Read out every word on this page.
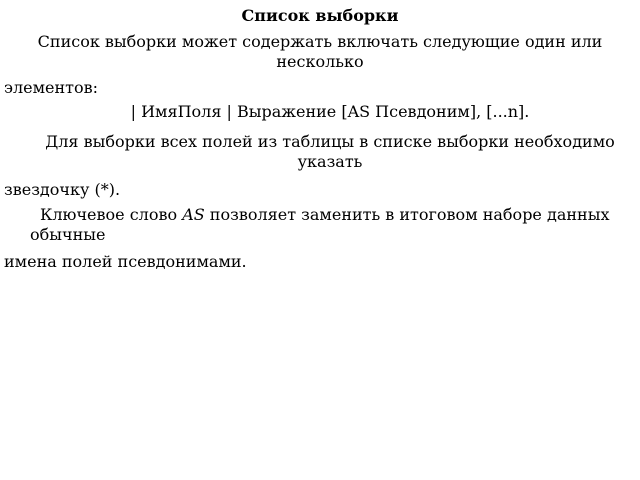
Список выборки
Список выборки может содержать включать следующие один или несколько
элементов:
| ИмяПоля | Выражение [AS Псевдоним], [...n].
Для выборки всех полей из таблицы в списке выборки необходимо указать
звездочку (*).
Ключевое слово AS позволяет заменить в итоговом наборе данных обычные
имена полей псевдонимами.
